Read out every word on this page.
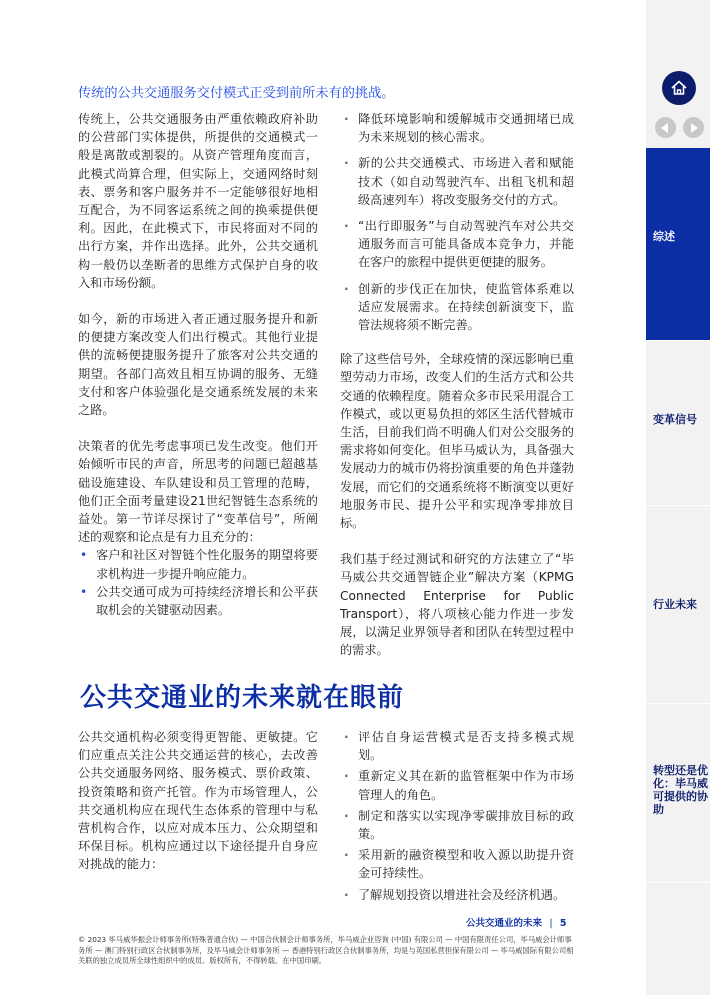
传统的公共交通服务交付模式正受到前所未有的挑战。

传统上，公共交通服务由严重依赖政府补助的公营部门实体提供，所提供的交通模式一般是离散或割裂的。从资产管理角度而言，此模式尚算合理，但实际上，交通网络时刻表、票务和客户服务并不一定能够很好地相互配合，为不同客运系统之间的换乘提供便利。因此，在此模式下，市民将面对不同的出行方案，并作出选择。此外，公共交通机构一般仍以垄断者的思维方式保护自身的收入和市场份额。

如今，新的市场进入者正通过服务提升和新的便捷方案改变人们出行模式。其他行业提供的流畅便捷服务提升了旅客对公共交通的期望。各部门高效且相互协调的服务、无缝支付和客户体验强化是交通系统发展的未来之路。

决策者的优先考虑事项已发生改变。他们开始倾听市民的声音，所思考的问题已超越基础设施建设、车队建设和员工管理的范畴，他们正全面考量建设21世纪智链生态系统的益处。第一节详尽探讨了“变革信号”，所阐述的观察和论点是有力且充分的：

• 客户和社区对智链个性化服务的期望将要求机构进一步提升响应能力。
• 公共交通可成为可持续经济增长和公平获取机会的关键驱动因素。
· 降低环境影响和缓解城市交通拥堵已成为未来规划的核心需求。
· 新的公共交通模式、市场进入者和赋能技术（如自动驾驶汽车、出租飞机和超级高速列车）将改变服务交付的方式。
· “出行即服务”与自动驾驶汽车对公共交通服务而言可能具备成本竞争力，并能在客户的旅程中提供更便捷的服务。
· 创新的步伐正在加快，使监管体系难以适应发展需求。在持续创新演变下，监管法规将须不断完善。

除了这些信号外，全球疫情的深远影响已重塑劳动力市场，改变人们的生活方式和公共交通的依赖程度。随着众多市民采用混合工作模式，或以更易负担的郊区生活代替城市生活，目前我们尚不明确人们对公交服务的需求将如何变化。但毕马威认为，具备强大发展动力的城市仍将扮演重要的角色并蓬勃发展，而它们的交通系统将不断演变以更好地服务市民、提升公平和实现净零排放目标。

我们基于经过测试和研究的方法建立了“毕马威公共交通智链企业”解决方案（KPMG Connected Enterprise for Public Transport），将八项核心能力作进一步发展，以满足业界领导者和团队在转型过程中的需求。

公共交通业的未来就在眼前

公共交通机构必须变得更智能、更敏捷。它们应重点关注公共交通运营的核心，去改善公共交通服务网络、服务模式、票价政策、投资策略和资产托管。作为市场管理人，公共交通机构应在现代生态体系的管理中与私营机构合作，以应对成本压力、公众期望和环保目标。机构应通过以下途径提升自身应对挑战的能力：

· 评估自身运营模式是否支持多模式规划。
· 重新定义其在新的监管框架中作为市场管理人的角色。
· 制定和落实以实现净零碳排放目标的政策。
· 采用新的融资模型和收入源以助提升资金可持续性。
· 了解规划投资以增进社会及经济机遇。
公共交通业的未来 | 5
© 2023 毕马威华振会计师事务所(特殊普通合伙) — 中国合伙制会计师事务所，毕马威企业咨询 (中国) 有限公司 — 中国有限责任公司，毕马威会计师事务所 — 澳门特别行政区合伙制事务所，及毕马威会计师事务所 — 香港特别行政区合伙制事务所，均是与英国私营担保有限公司 — 毕马威国际有限公司相关联的独立成员所全球性组织中的成员。版权所有，不得转载。在中国印刷。
综述
变革信号
行业未来
转型还是优化：毕马威可提供的协助
